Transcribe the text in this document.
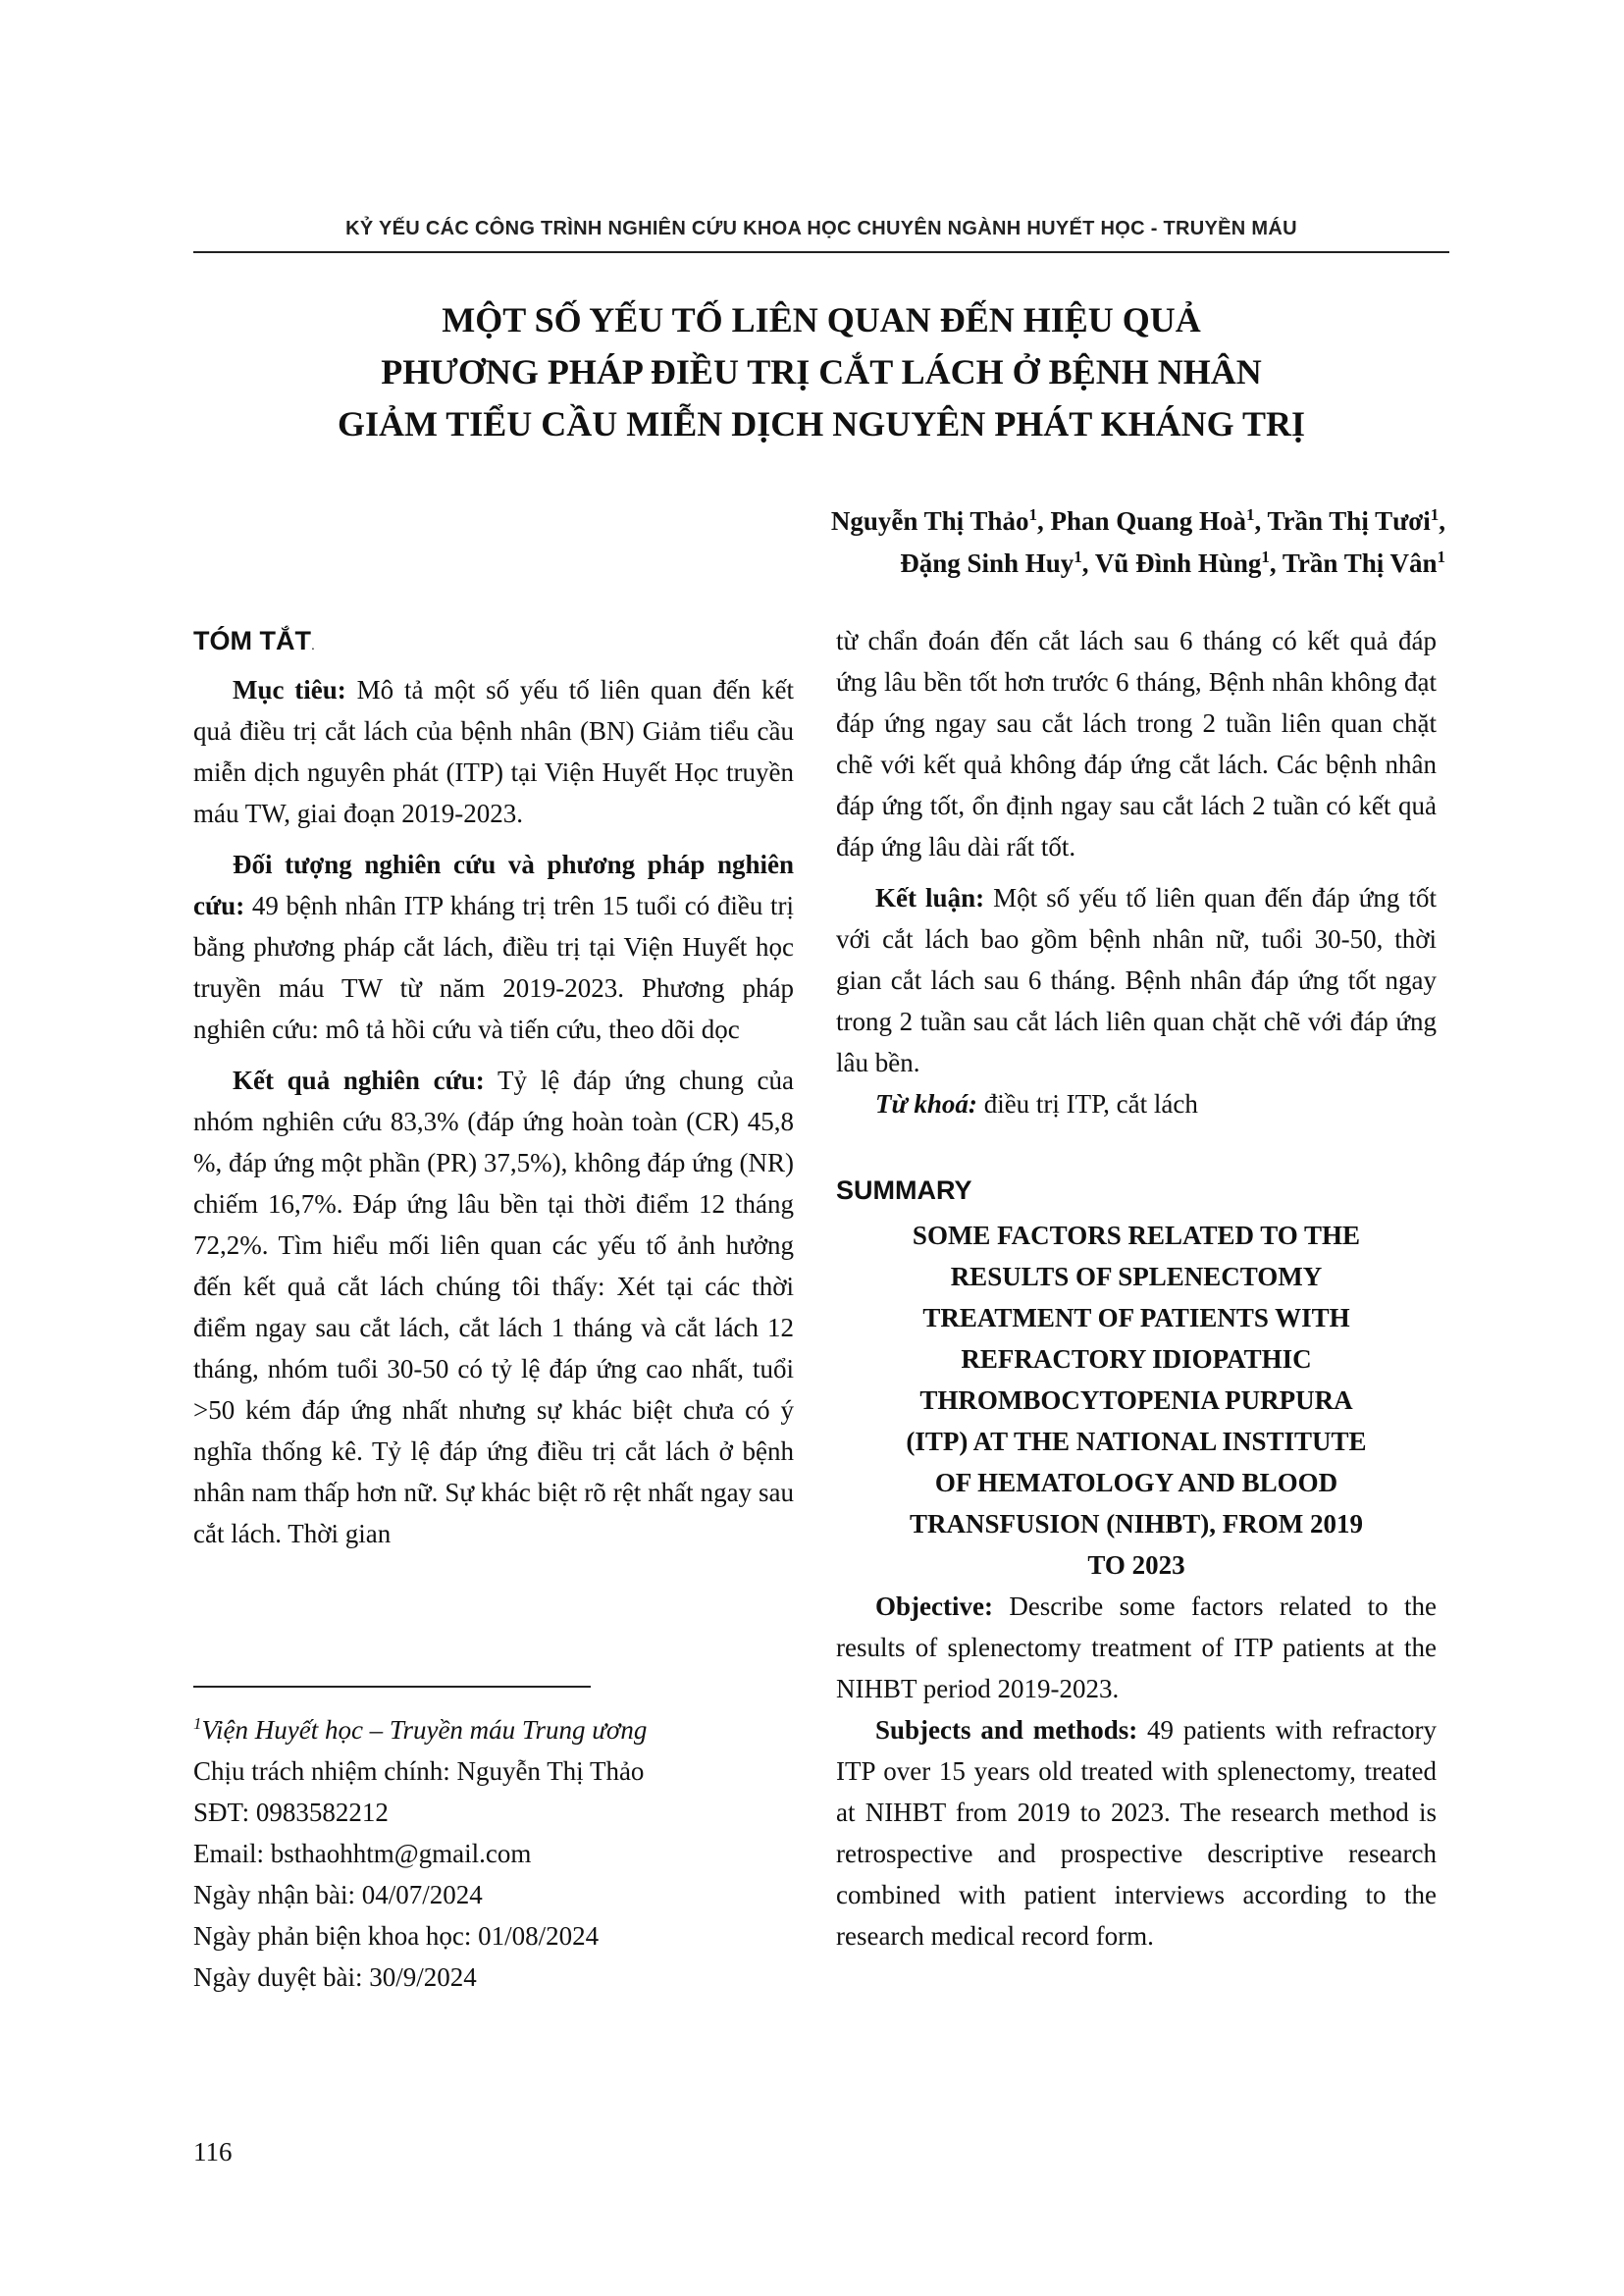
KỶ YẾU CÁC CÔNG TRÌNH NGHIÊN CỨU KHOA HỌC CHUYÊN NGÀNH HUYẾT HỌC - TRUYỀN MÁU
MỘT SỐ YẾU TỐ LIÊN QUAN ĐẾN HIỆU QUẢ
PHƯƠNG PHÁP ĐIỀU TRỊ CẮT LÁCH Ở BỆNH NHÂN
GIẢM TIỂU CẦU MIỄN DỊCH NGUYÊN PHÁT KHÁNG TRỊ
Nguyễn Thị Thảo$^1$, Phan Quang Hoà$^1$, Trần Thị Tươi$^1$,
Đặng Sinh Huy$^1$, Vũ Đình Hùng$^1$, Trần Thị Vân$^1$
TÓM TẮT.

Mục tiêu: Mô tả một số yếu tố liên quan đến kết quả điều trị cắt lách của bệnh nhân (BN) Giảm tiểu cầu miễn dịch nguyên phát (ITP) tại Viện Huyết Học truyền máu TW, giai đoạn 2019-2023.

Đối tượng nghiên cứu và phương pháp nghiên cứu: 49 bệnh nhân ITP kháng trị trên 15 tuổi có điều trị bằng phương pháp cắt lách, điều trị tại Viện Huyết học truyền máu TW từ năm 2019-2023. Phương pháp nghiên cứu: mô tả hồi cứu và tiến cứu, theo dõi dọc

Kết quả nghiên cứu: Tỷ lệ đáp ứng chung của nhóm nghiên cứu 83,3% (đáp ứng hoàn toàn (CR) 45,8 %, đáp ứng một phần (PR) 37,5%), không đáp ứng (NR) chiếm 16,7%. Đáp ứng lâu bền tại thời điểm 12 tháng 72,2%. Tìm hiểu mối liên quan các yếu tố ảnh hưởng đến kết quả cắt lách chúng tôi thấy: Xét tại các thời điểm ngay sau cắt lách, cắt lách 1 tháng và cắt lách 12 tháng, nhóm tuổi 30-50 có tỷ lệ đáp ứng cao nhất, tuổi >50 kém đáp ứng nhất nhưng sự khác biệt chưa có ý nghĩa thống kê. Tỷ lệ đáp ứng điều trị cắt lách ở bệnh nhân nam thấp hơn nữ. Sự khác biệt rõ rệt nhất ngay sau cắt lách. Thời gian

từ chẩn đoán đến cắt lách sau 6 tháng có kết quả đáp ứng lâu bền tốt hơn trước 6 tháng, Bệnh nhân không đạt đáp ứng ngay sau cắt lách trong 2 tuần liên quan chặt chẽ với kết quả không đáp ứng cắt lách. Các bệnh nhân đáp ứng tốt, ổn định ngay sau cắt lách 2 tuần có kết quả đáp ứng lâu dài rất tốt.

Kết luận: Một số yếu tố liên quan đến đáp ứng tốt với cắt lách bao gồm bệnh nhân nữ, tuổi 30-50, thời gian cắt lách sau 6 tháng. Bệnh nhân đáp ứng tốt ngay trong 2 tuần sau cắt lách liên quan chặt chẽ với đáp ứng lâu bền.

Từ khoá: điều trị ITP, cắt lách

SUMMARY
SOME FACTORS RELATED TO THE
RESULTS OF SPLENECTOMY
TREATMENT OF PATIENTS WITH
REFRACTORY IDIOPATHIC
THROMBOCYTOPENIA PURPURA
(ITP) AT THE NATIONAL INSTITUTE
OF HEMATOLOGY AND BLOOD
TRANSFUSION (NIHBT), FROM 2019
TO 2023

Objective: Describe some factors related to the results of splenectomy treatment of ITP patients at the NIHBT period 2019-2023.

Subjects and methods: 49 patients with refractory ITP over 15 years old treated with splenectomy, treated at NIHBT from 2019 to 2023. The research method is retrospective and prospective descriptive research combined with patient interviews according to the research medical record form.

$^1$Viện Huyết học – Truyền máu Trung ương
Chịu trách nhiệm chính: Nguyễn Thị Thảo
SĐT: 0983582212
Email: bsthaohhtm@gmail.com
Ngày nhận bài: 04/07/2024
Ngày phản biện khoa học: 01/08/2024
Ngày duyệt bài: 30/9/2024
116
